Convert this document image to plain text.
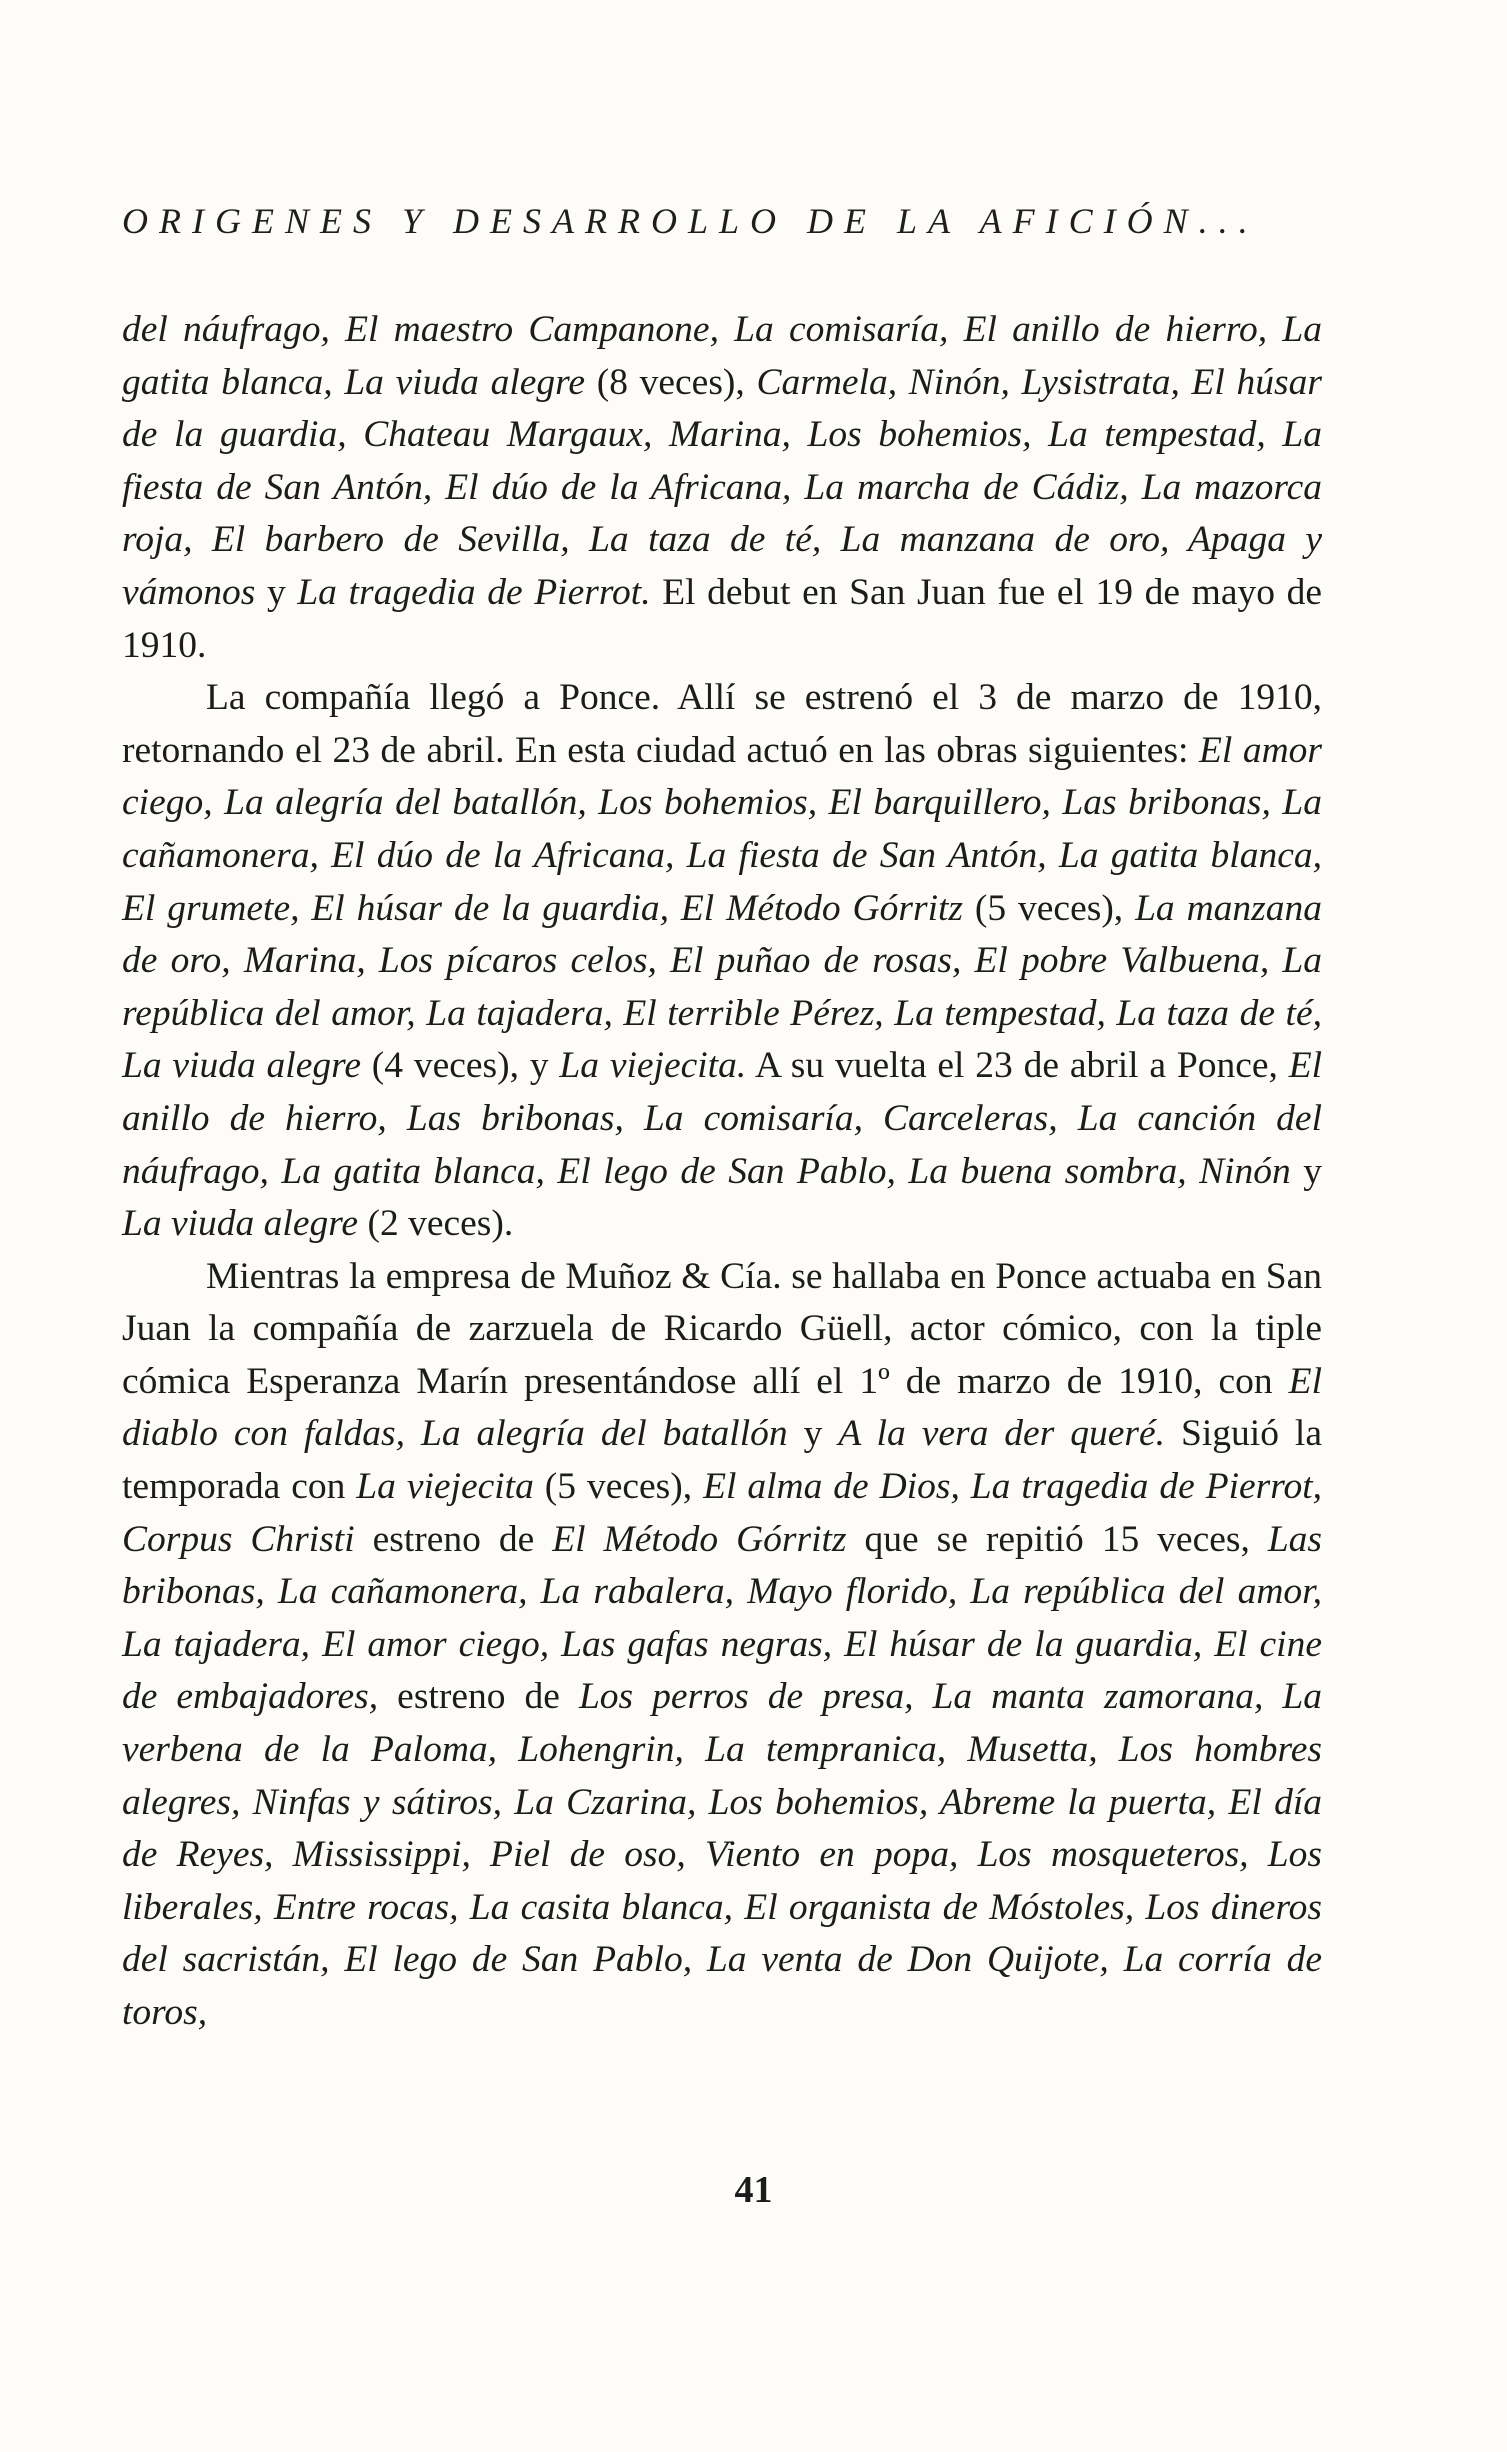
ORIGENES Y DESARROLLO DE LA AFICIÓN...

del náufrago, El maestro Campanone, La comisaría, El anillo de hierro, La gatita blanca, La viuda alegre (8 veces), Carmela, Ninón, Lysistrata, El húsar de la guardia, Chateau Margaux, Marina, Los bohemios, La tempestad, La fiesta de San Antón, El dúo de la Africana, La marcha de Cádiz, La mazorca roja, El barbero de Sevilla, La taza de té, La manzana de oro, Apaga y vámonos y La tragedia de Pierrot. El debut en San Juan fue el 19 de mayo de 1910.

La compañía llegó a Ponce. Allí se estrenó el 3 de marzo de 1910, retornando el 23 de abril. En esta ciudad actuó en las obras siguientes: El amor ciego, La alegría del batallón, Los bohemios, El barquillero, Las bribonas, La cañamonera, El dúo de la Africana, La fiesta de San Antón, La gatita blanca, El grumete, El húsar de la guardia, El Método Górritz (5 veces), La manzana de oro, Marina, Los pícaros celos, El puñao de rosas, El pobre Valbuena, La república del amor, La tajadera, El terrible Pérez, La tempestad, La taza de té, La viuda alegre (4 veces), y La viejecita. A su vuelta el 23 de abril a Ponce, El anillo de hierro, Las bribonas, La comisaría, Carceleras, La canción del náufrago, La gatita blanca, El lego de San Pablo, La buena sombra, Ninón y La viuda alegre (2 veces).

Mientras la empresa de Muñoz & Cía. se hallaba en Ponce actuaba en San Juan la compañía de zarzuela de Ricardo Güell, actor cómico, con la tiple cómica Esperanza Marín presentándose allí el 1º de marzo de 1910, con El diablo con faldas, La alegría del batallón y A la vera der queré. Siguió la temporada con La viejecita (5 veces), El alma de Dios, La tragedia de Pierrot, Corpus Christi estreno de El Método Górritz que se repitió 15 veces, Las bribonas, La cañamonera, La rabalera, Mayo florido, La república del amor, La tajadera, El amor ciego, Las gafas negras, El húsar de la guardia, El cine de embajadores, estreno de Los perros de presa, La manta zamorana, La verbena de la Paloma, Lohengrin, La tempranica, Musetta, Los hombres alegres, Ninfas y sátiros, La Czarina, Los bohemios, Abreme la puerta, El día de Reyes, Mississippi, Piel de oso, Viento en popa, Los mosqueteros, Los liberales, Entre rocas, La casita blanca, El organista de Móstoles, Los dineros del sacristán, El lego de San Pablo, La venta de Don Quijote, La corría de toros,

41
